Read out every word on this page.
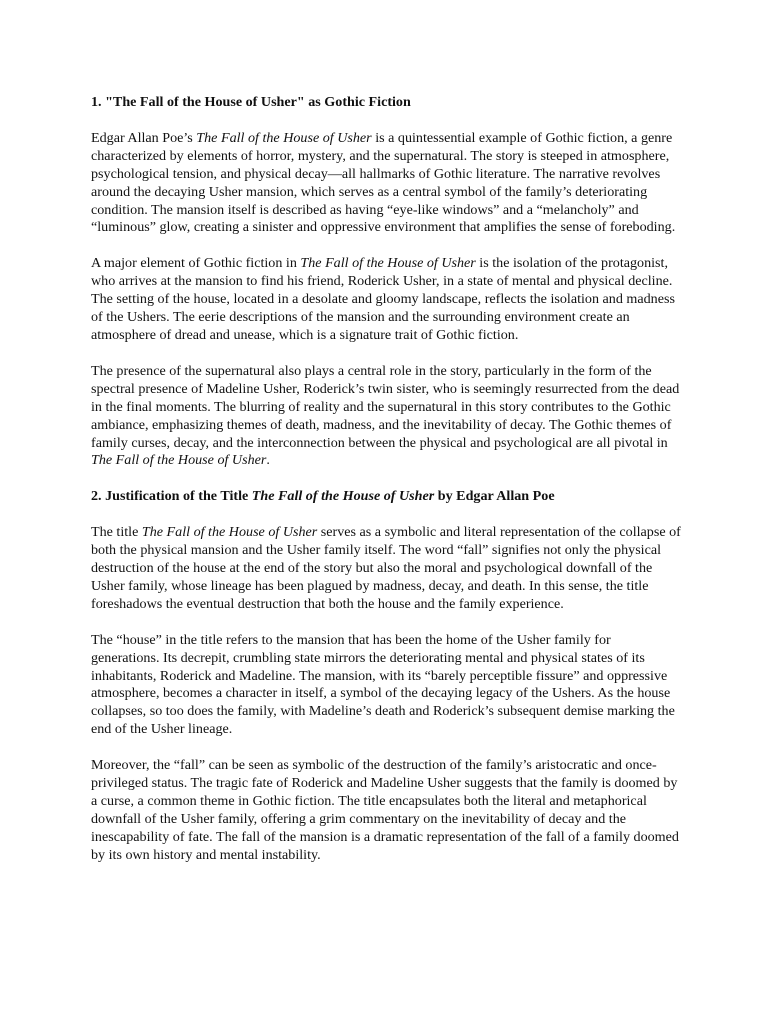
1. "The Fall of the House of Usher" as Gothic Fiction

Edgar Allan Poe’s The Fall of the House of Usher is a quintessential example of Gothic fiction, a genre characterized by elements of horror, mystery, and the supernatural. The story is steeped in atmosphere, psychological tension, and physical decay—all hallmarks of Gothic literature. The narrative revolves around the decaying Usher mansion, which serves as a central symbol of the family’s deteriorating condition. The mansion itself is described as having “eye-like windows” and a “melancholy” and “luminous” glow, creating a sinister and oppressive environment that amplifies the sense of foreboding.

A major element of Gothic fiction in The Fall of the House of Usher is the isolation of the protagonist, who arrives at the mansion to find his friend, Roderick Usher, in a state of mental and physical decline. The setting of the house, located in a desolate and gloomy landscape, reflects the isolation and madness of the Ushers. The eerie descriptions of the mansion and the surrounding environment create an atmosphere of dread and unease, which is a signature trait of Gothic fiction.

The presence of the supernatural also plays a central role in the story, particularly in the form of the spectral presence of Madeline Usher, Roderick’s twin sister, who is seemingly resurrected from the dead in the final moments. The blurring of reality and the supernatural in this story contributes to the Gothic ambiance, emphasizing themes of death, madness, and the inevitability of decay. The Gothic themes of family curses, decay, and the interconnection between the physical and psychological are all pivotal in The Fall of the House of Usher.

2. Justification of the Title The Fall of the House of Usher by Edgar Allan Poe

The title The Fall of the House of Usher serves as a symbolic and literal representation of the collapse of both the physical mansion and the Usher family itself. The word “fall” signifies not only the physical destruction of the house at the end of the story but also the moral and psychological downfall of the Usher family, whose lineage has been plagued by madness, decay, and death. In this sense, the title foreshadows the eventual destruction that both the house and the family experience.

The “house” in the title refers to the mansion that has been the home of the Usher family for generations. Its decrepit, crumbling state mirrors the deteriorating mental and physical states of its inhabitants, Roderick and Madeline. The mansion, with its “barely perceptible fissure” and oppressive atmosphere, becomes a character in itself, a symbol of the decaying legacy of the Ushers. As the house collapses, so too does the family, with Madeline’s death and Roderick’s subsequent demise marking the end of the Usher lineage.

Moreover, the “fall” can be seen as symbolic of the destruction of the family’s aristocratic and once-privileged status. The tragic fate of Roderick and Madeline Usher suggests that the family is doomed by a curse, a common theme in Gothic fiction. The title encapsulates both the literal and metaphorical downfall of the Usher family, offering a grim commentary on the inevitability of decay and the inescapability of fate. The fall of the mansion is a dramatic representation of the fall of a family doomed by its own history and mental instability.
